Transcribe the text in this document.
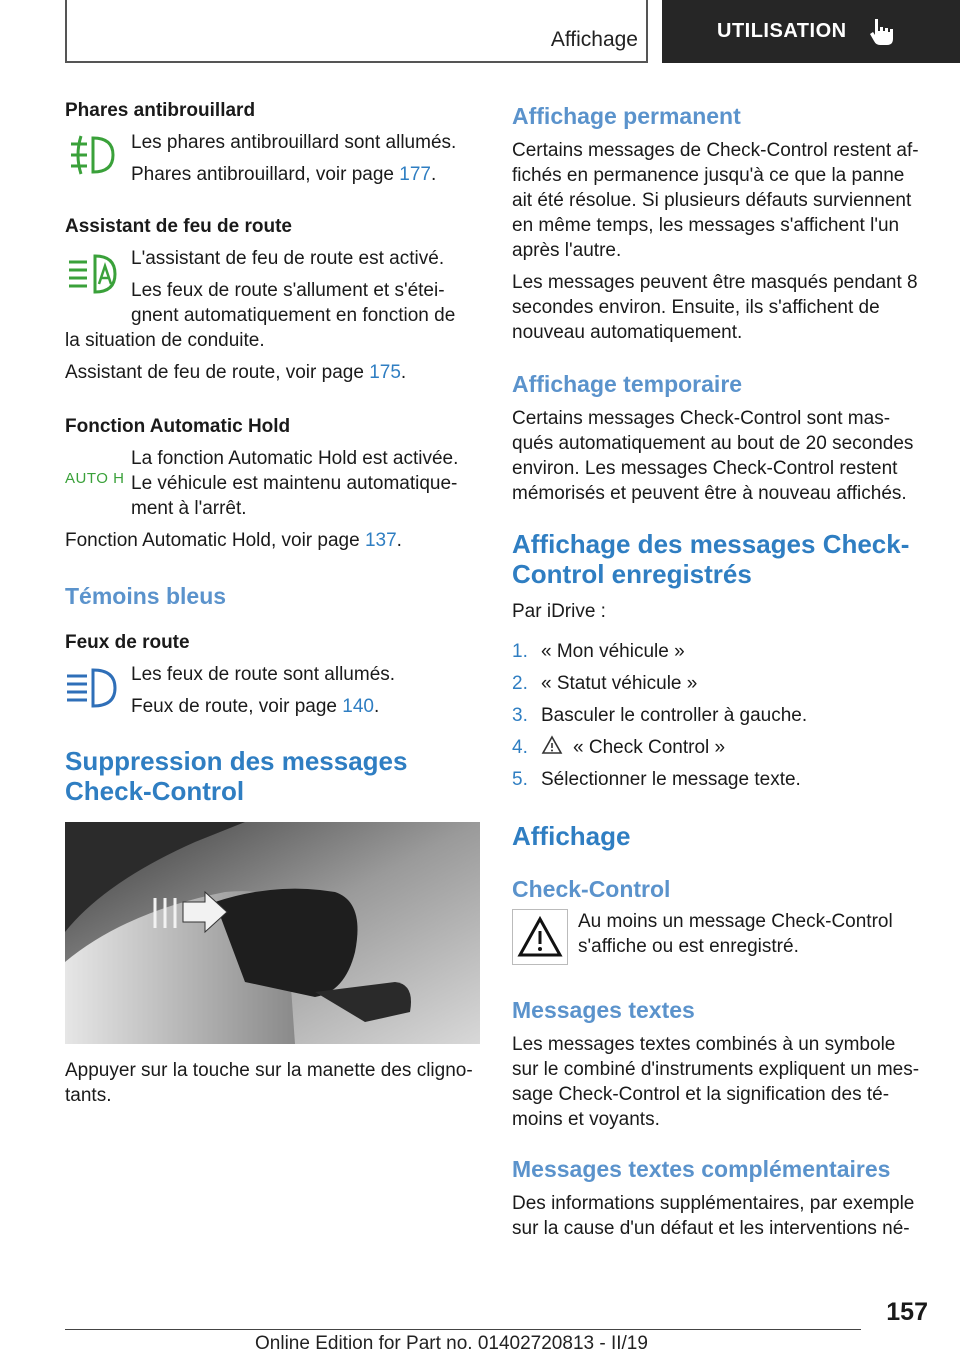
Affichage	UTILISATION
Phares antibrouillard

Les phares antibrouillard sont allumés.

Phares antibrouillard, voir page 177.

Assistant de feu de route

L'assistant de feu de route est activé.

Les feux de route s'allument et s'étei-gnent automatiquement en fonction de

la situation de conduite.

Assistant de feu de route, voir page 175.

Fonction Automatic Hold
AUTO H

La fonction Automatic Hold est activée. Le véhicule est maintenu automatique-ment à l'arrêt.

Fonction Automatic Hold, voir page 137.

Témoins bleus
Feux de route

Les feux de route sont allumés.

Feux de route, voir page 140.

Suppression des messages Check-Control

Appuyer sur la touche sur la manette des cligno-tants.

Affichage permanent

Certains messages de Check-Control restent af-fichés en permanence jusqu'à ce que la panne ait été résolue. Si plusieurs défauts surviennent en même temps, les messages s'affichent l'un après l'autre.

Les messages peuvent être masqués pendant 8 secondes environ. Ensuite, ils s'affichent de nouveau automatiquement.

Affichage temporaire

Certains messages Check-Control sont mas-qués automatiquement au bout de 20 secondes environ. Les messages Check-Control restent mémorisés et peuvent être à nouveau affichés.

Affichage des messages Check-Control enregistrés

Par iDrive :

1. « Mon véhicule »
2. « Statut véhicule »
3. Basculer le controller à gauche.
4. « Check Control »
5. Sélectionner le message texte.
Affichage
Check-Control

Au moins un message Check-Control s'affiche ou est enregistré.

Messages textes

Les messages textes combinés à un symbole sur le combiné d'instruments expliquent un mes-sage Check-Control et la signification des té-moins et voyants.

Messages textes complémentaires

Des informations supplémentaires, par exemple sur la cause d'un défaut et les interventions né-

157
Online Edition for Part no. 01402720813 - II/19
